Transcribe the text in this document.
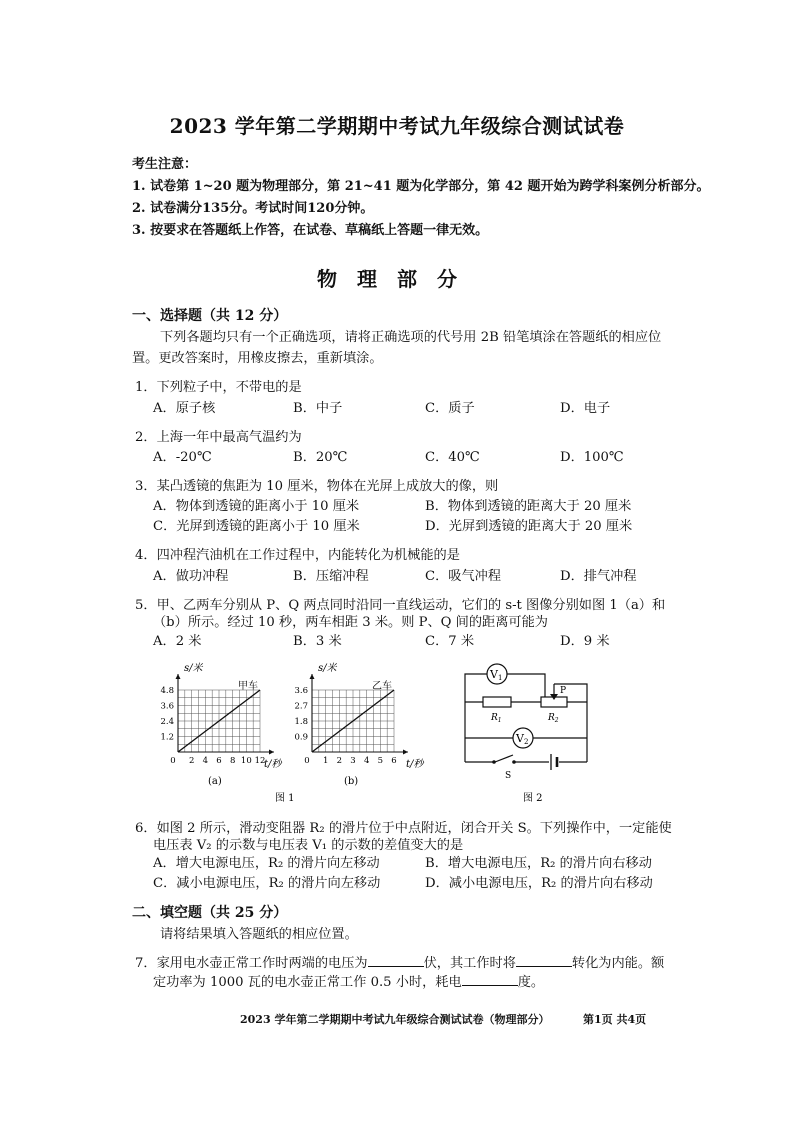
2023 学年第二学期期中考试九年级综合测试试卷
考生注意：
1. 试卷第 1~20 题为物理部分，第 21~41 题为化学部分，第 42 题开始为跨学科案例分析部分。
2. 试卷满分135分。考试时间120分钟。
3. 按要求在答题纸上作答，在试卷、草稿纸上答题一律无效。
物理部分
一、选择题（共 12 分）
下列各题均只有一个正确选项，请将正确选项的代号用 2B 铅笔填涂在答题纸的相应位
置。更改答案时，用橡皮擦去，重新填涂。
1．下列粒子中，不带电的是
A．原子核	B．中子	C．质子	D．电子
2．上海一年中最高气温约为
A．-20℃	B．20℃	C．40℃	D．100℃
3．某凸透镜的焦距为 10 厘米，物体在光屏上成放大的像，则
A．物体到透镜的距离小于 10 厘米	B．物体到透镜的距离大于 20 厘米
C．光屏到透镜的距离小于 10 厘米	D．光屏到透镜的距离大于 20 厘米
4．四冲程汽油机在工作过程中，内能转化为机械能的是
A．做功冲程	B．压缩冲程	C．吸气冲程	D．排气冲程
5．甲、乙两车分别从 P、Q 两点同时沿同一直线运动，它们的 s-t 图像分别如图 1（a）和
（b）所示。经过 10 秒，两车相距 3 米。则 P、Q 间的距离可能为
A．2 米	B．3 米	C．7 米	D．9 米
s/米
甲车
t/秒
(a)
4.8
3.6
2.4
1.2
0 2 4 6 8 10 12
s/米
乙车
t/秒
(b)
3.6
2.7
1.8
0.9
0 1 2 3 4 5 6
图 1
V1
V2
$R_1$	$R_2$
P
S
图 2
6．如图 2 所示，滑动变阻器 R₂ 的滑片位于中点附近，闭合开关 S。下列操作中，一定能使
电压表 V₂ 的示数与电压表 V₁ 的示数的差值变大的是
A．增大电源电压，R₂ 的滑片向左移动	B．增大电源电压，R₂ 的滑片向右移动
C．减小电源电压，R₂ 的滑片向左移动	D．减小电源电压，R₂ 的滑片向右移动
二、填空题（共 25 分）
请将结果填入答题纸的相应位置。
7．家用电水壶正常工作时两端的电压为	伏，其工作时将	转化为内能。额
定功率为 1000 瓦的电水壶正常工作 0.5 小时，耗电	度。
2023 学年第二学期期中考试九年级综合测试试卷（物理部分）	第1页 共4页
